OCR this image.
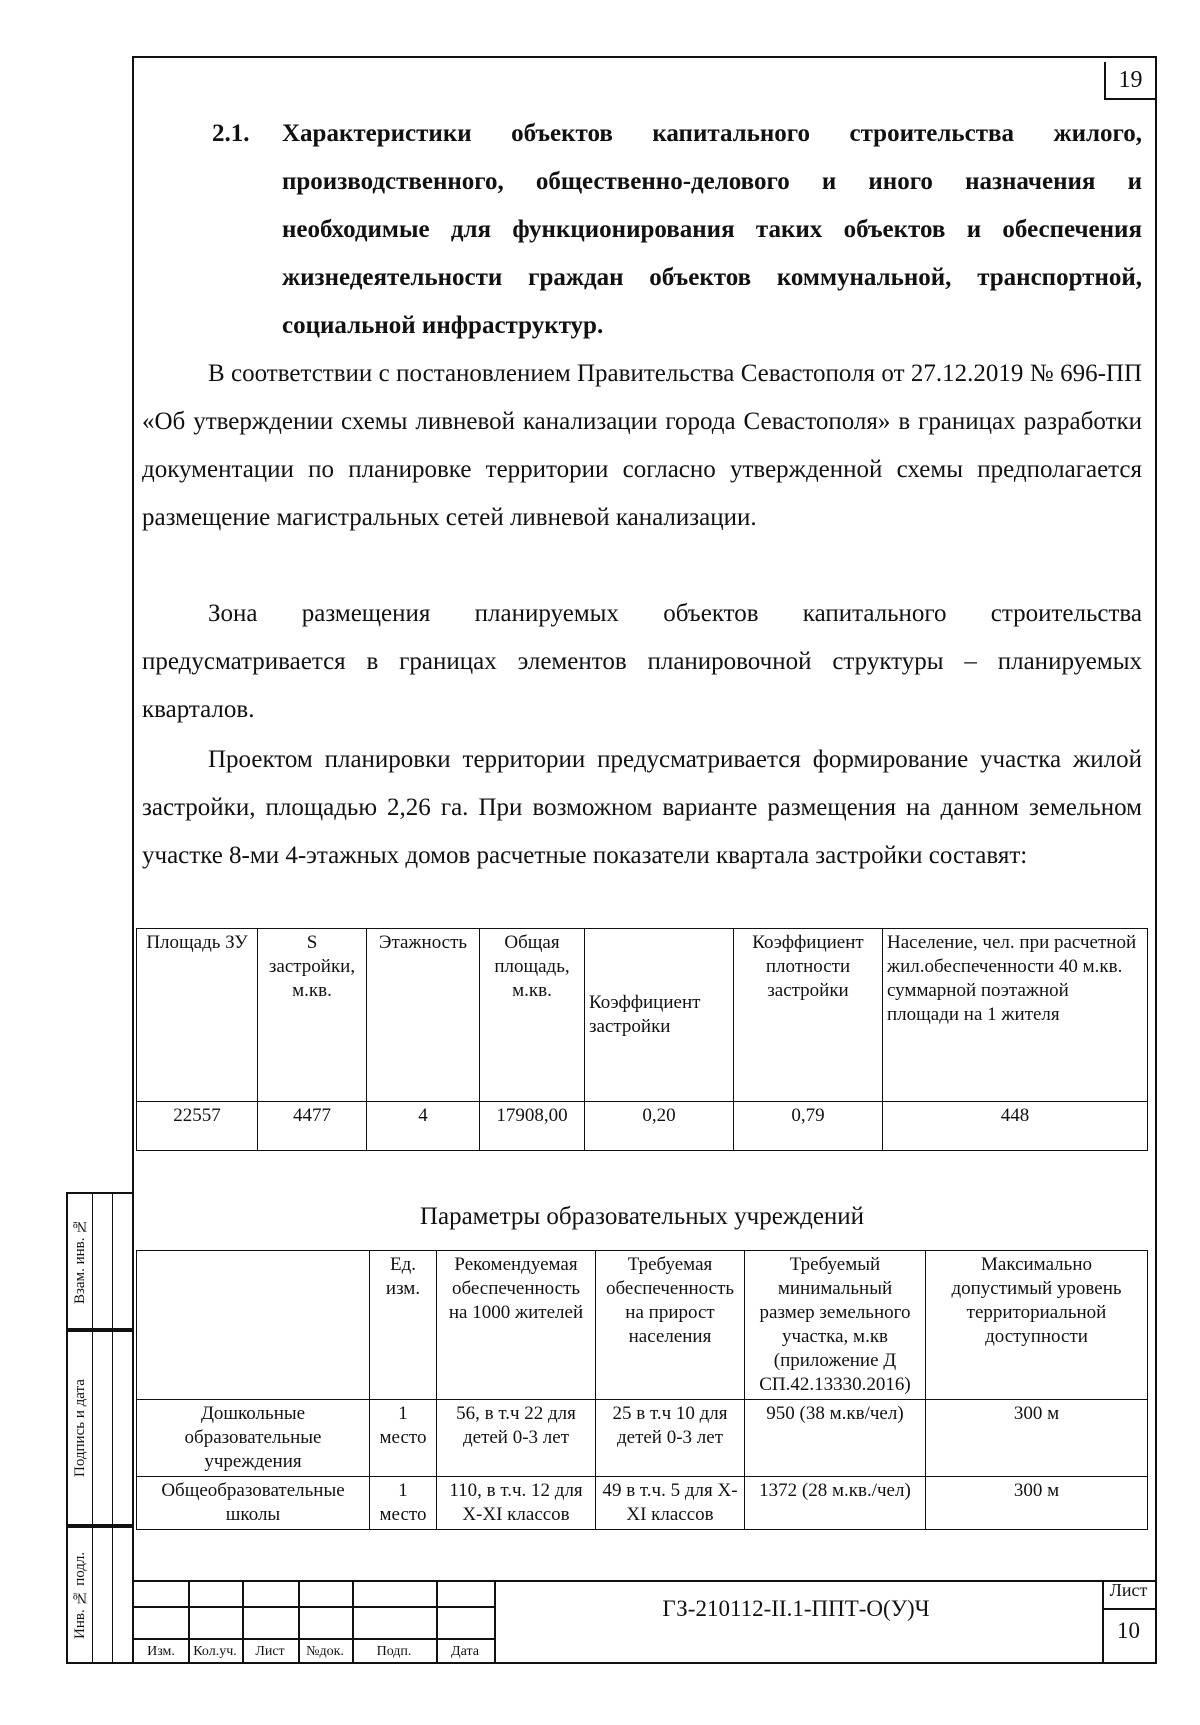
19
2.1. Характеристики объектов капитального строительства жилого, производственного, общественно-делового и иного назначения и необходимые для функционирования таких объектов и обеспечения жизнедеятельности граждан объектов коммунальной, транспортной, социальной инфраструктур.

В соответствии с постановлением Правительства Севастополя от 27.12.2019 № 696-ПП «Об утверждении схемы ливневой канализации города Севастополя» в границах разработки документации по планировке территории согласно утвержденной схемы предполагается размещение магистральных сетей ливневой канализации.

Зона размещения планируемых объектов капитального строительства предусматривается в границах элементов планировочной структуры – планируемых кварталов.

Проектом планировки территории предусматривается формирование участка жилой застройки, площадью 2,26 га. При возможном варианте размещения на данном земельном участке 8-ми 4-этажных домов расчетные показатели квартала застройки составят:

Площадь ЗУ	S застройки, м.кв.	Этажность	Общая площадь, м.кв.	Коэффициент застройки	Коэффициент плотности застройки	Население, чел. при расчетной жил.обеспеченности 40 м.кв. суммарной поэтажной площади на 1 жителя
22557	4477	4	17908,00	0,20	0,79	448
Параметры образовательных учреждений
	Ед. изм.	Рекомендуемая обеспеченность на 1000 жителей	Требуемая обеспеченность на прирост населения	Требуемый минимальный размер земельного участка, м.кв (приложение Д СП.42.13330.2016)	Максимально допустимый уровень территориальной доступности
Дошкольные образовательные учреждения	1 место	56, в т.ч 22 для детей 0-3 лет	25 в т.ч 10 для детей 0-3 лет	950 (38 м.кв/чел)	300 м
Общеобразовательные школы	1 место	110, в т.ч. 12 для X-XI классов	49 в т.ч. 5 для X-XI классов	1372 (28 м.кв./чел)	300 м
Взам. инв. №
Подпись и дата
Инв. № подл.
Изм.	Кол.уч.	Лист	№док.	Подп.	Дата
ГЗ-210112-II.1-ППТ-О(У)Ч
Лист
10
